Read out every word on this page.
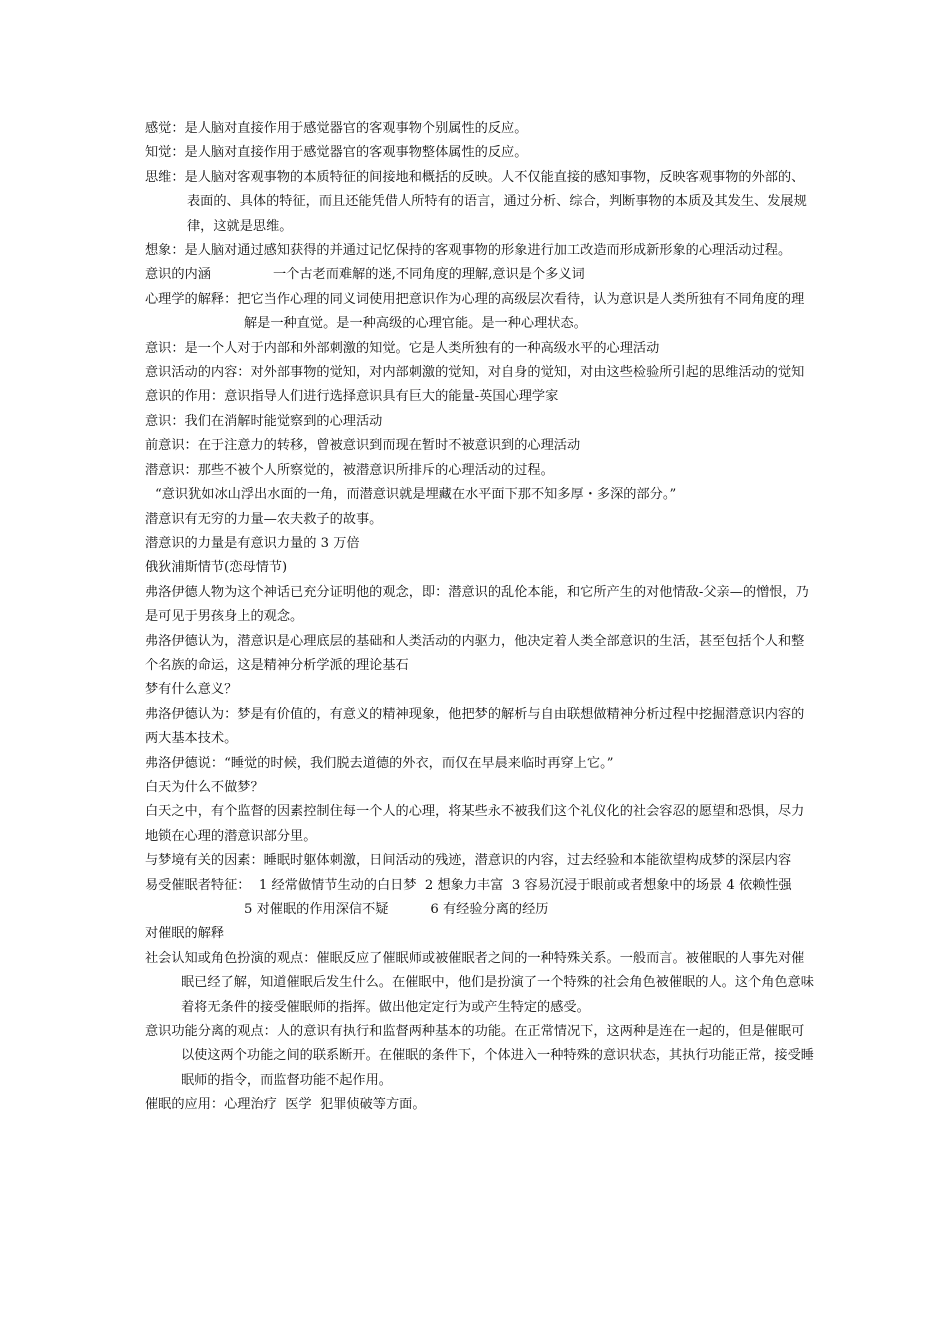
感觉：是人脑对直接作用于感觉器官的客观事物个别属性的反应。

知觉：是人脑对直接作用于感觉器官的客观事物整体属性的反应。

思维：是人脑对客观事物的本质特征的间接地和概括的反映。人不仅能直接的感知事物，反映客观事物的外部的、表面的、具体的特征，而且还能凭借人所特有的语言，通过分析、综合，判断事物的本质及其发生、发展规律，这就是思维。

想象：是人脑对通过感知获得的并通过记忆保持的客观事物的形象进行加工改造而形成新形象的心理活动过程。

意识的内涵	一个古老而难解的迷,不同角度的理解,意识是个多义词

心理学的解释：把它当作心理的同义词使用把意识作为心理的高级层次看待，认为意识是人类所独有不同角度的理解是一种直觉。是一种高级的心理官能。是一种心理状态。

意识：是一个人对于内部和外部刺激的知觉。它是人类所独有的一种高级水平的心理活动

意识活动的内容：对外部事物的觉知，对内部刺激的觉知，对自身的觉知，对由这些检验所引起的思维活动的觉知

意识的作用：意识指导人们进行选择意识具有巨大的能量-英国心理学家

意识：我们在消解时能觉察到的心理活动

前意识：在于注意力的转移，曾被意识到而现在暂时不被意识到的心理活动

潜意识：那些不被个人所察觉的，被潜意识所排斥的心理活动的过程。

“意识犹如冰山浮出水面的一角，而潜意识就是埋藏在水平面下那不知多厚・多深的部分。”

潜意识有无穷的力量—农夫救子的故事。

潜意识的力量是有意识力量的 3 万倍

俄狄浦斯情节(恋母情节)

弗洛伊德人物为这个神话已充分证明他的观念，即：潜意识的乱伦本能，和它所产生的对他情敌-父亲—的憎恨，乃是可见于男孩身上的观念。

弗洛伊德认为，潜意识是心理底层的基础和人类活动的内驱力，他决定着人类全部意识的生活，甚至包括个人和整个名族的命运，这是精神分析学派的理论基石

梦有什么意义？

弗洛伊德认为：梦是有价值的，有意义的精神现象，他把梦的解析与自由联想做精神分析过程中挖掘潜意识内容的两大基本技术。

弗洛伊德说：“睡觉的时候，我们脱去道德的外衣，而仅在早晨来临时再穿上它。”

白天为什么不做梦？

白天之中，有个监督的因素控制住每一个人的心理，将某些永不被我们这个礼仪化的社会容忍的愿望和恐惧，尽力地锁在心理的潜意识部分里。

与梦境有关的因素：睡眠时躯体刺激，日间活动的残迹，潜意识的内容，过去经验和本能欲望构成梦的深层内容

易受催眠者特征：  1 经常做情节生动的白日梦  2 想象力丰富  3 容易沉浸于眼前或者想象中的场景 4 依赖性强       5 对催眠的作用深信不疑          6 有经验分离的经历

对催眠的解释

社会认知或角色扮演的观点：催眠反应了催眠师或被催眠者之间的一种特殊关系。一般而言。被催眠的人事先对催眠已经了解，知道催眠后发生什么。在催眠中，他们是扮演了一个特殊的社会角色被催眠的人。这个角色意味着将无条件的接受催眠师的指挥。做出他定定行为或产生特定的感受。

意识功能分离的观点：人的意识有执行和监督两种基本的功能。在正常情况下，这两种是连在一起的，但是催眠可以使这两个功能之间的联系断开。在催眠的条件下，个体进入一种特殊的意识状态，其执行功能正常，接受睡眠师的指令，而监督功能不起作用。

催眠的应用：心理治疗  医学  犯罪侦破等方面。
